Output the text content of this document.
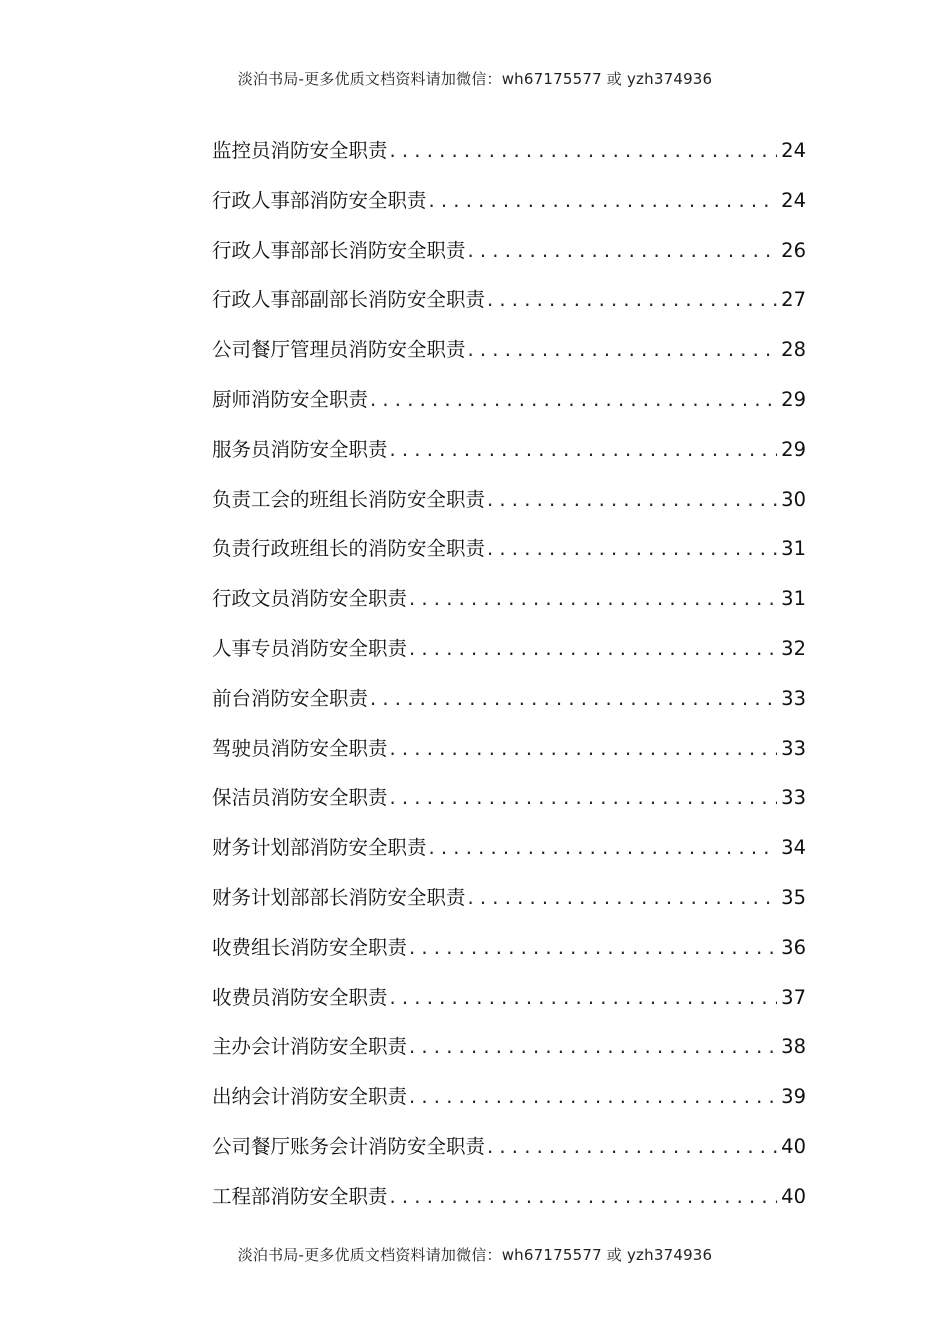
淡泊书局-更多优质文档资料请加微信：wh67175577 或 yzh374936
监控员消防安全职责 . . .	24
行政人事部消防安全职责 . . .	24
行政人事部部长消防安全职责 . . .	26
行政人事部副部长消防安全职责 . . .	27
公司餐厅管理员消防安全职责 . . .	28
厨师消防安全职责 . . .	29
服务员消防安全职责 . . .	29
负责工会的班组长消防安全职责 . . .	30
负责行政班组长的消防安全职责 . . .	31
行政文员消防安全职责 . . .	31
人事专员消防安全职责 . . .	32
前台消防安全职责 . . .	33
驾驶员消防安全职责 . . .	33
保洁员消防安全职责 . . .	33
财务计划部消防安全职责 . . .	34
财务计划部部长消防安全职责 . . .	35
收费组长消防安全职责 . . .	36
收费员消防安全职责 . . .	37
主办会计消防安全职责 . . .	38
出纳会计消防安全职责 . . .	39
公司餐厅账务会计消防安全职责 . . .	40
工程部消防安全职责 . . .	40
淡泊书局-更多优质文档资料请加微信：wh67175577 或 yzh374936
